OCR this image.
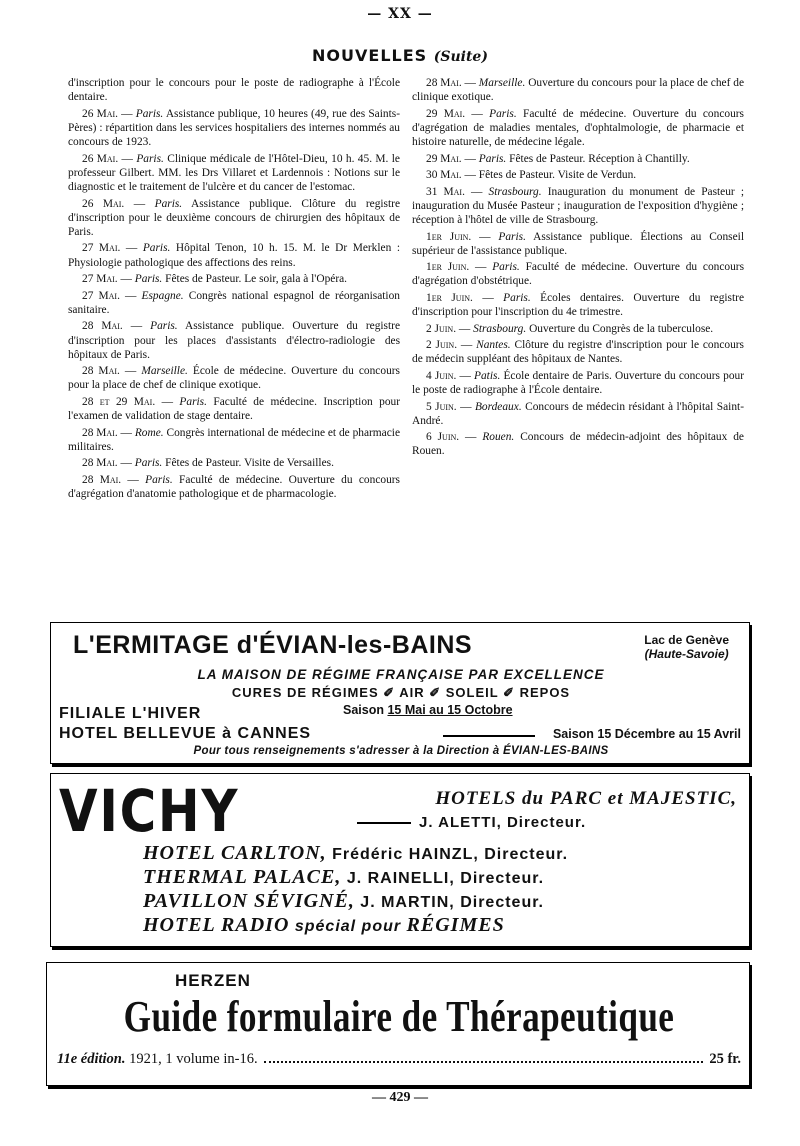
— XX —
NOUVELLES (Suite)

d'inscription pour le concours pour le poste de radiographe à l'École dentaire.

26 Mai. — Paris. Assistance publique, 10 heures (49, rue des Saints-Pères) : répartition dans les services hospitaliers des internes nommés au concours de 1923.

26 Mai. — Paris. Clinique médicale de l'Hôtel-Dieu, 10 h. 45. M. le professeur Gilbert. MM. les Drs Villaret et Lardennois : Notions sur le diagnostic et le traitement de l'ulcère et du cancer de l'estomac.

26 Mai. — Paris. Assistance publique. Clôture du registre d'inscription pour le deuxième concours de chirurgien des hôpitaux de Paris.

27 Mai. — Paris. Hôpital Tenon, 10 h. 15. M. le Dr Merklen : Physiologie pathologique des affections des reins.

27 Mai. — Paris. Fêtes de Pasteur. Le soir, gala à l'Opéra.

27 Mai. — Espagne. Congrès national espagnol de réorganisation sanitaire.

28 Mai. — Paris. Assistance publique. Ouverture du registre d'inscription pour les places d'assistants d'électro-radiologie des hôpitaux de Paris.

28 Mai. — Marseille. École de médecine. Ouverture du concours pour la place de chef de clinique exotique.

28 et 29 Mai. — Paris. Faculté de médecine. Inscription pour l'examen de validation de stage dentaire.

28 Mai. — Rome. Congrès international de médecine et de pharmacie militaires.

28 Mai. — Paris. Fêtes de Pasteur. Visite de Versailles.

28 Mai. — Paris. Faculté de médecine. Ouverture du concours d'agrégation d'anatomie pathologique et de pharmacologie.

28 Mai. — Marseille. Ouverture du concours pour la place de chef de clinique exotique.

29 Mai. — Paris. Faculté de médecine. Ouverture du concours d'agrégation de maladies mentales, d'ophtalmologie, de pharmacie et histoire naturelle, de médecine légale.

29 Mai. — Paris. Fêtes de Pasteur. Réception à Chantilly.

30 Mai. — Fêtes de Pasteur. Visite de Verdun.

31 Mai. — Strasbourg. Inauguration du monument de Pasteur ; inauguration du Musée Pasteur ; inauguration de l'exposition d'hygiène ; réception à l'hôtel de ville de Strasbourg.

1er Juin. — Paris. Assistance publique. Élections au Conseil supérieur de l'assistance publique.

1er Juin. — Paris. Faculté de médecine. Ouverture du concours d'agrégation d'obstétrique.

1er Juin. — Paris. Écoles dentaires. Ouverture du registre d'inscription pour l'inscription du 4e trimestre.

2 Juin. — Strasbourg. Ouverture du Congrès de la tuberculose.

2 Juin. — Nantes. Clôture du registre d'inscription pour le concours de médecin suppléant des hôpitaux de Nantes.

4 Juin. — Patis. École dentaire de Paris. Ouverture du concours pour le poste de radiographe à l'École dentaire.

5 Juin. — Bordeaux. Concours de médecin résidant à l'hôpital Saint-André.

6 Juin. — Rouen. Concours de médecin-adjoint des hôpitaux de Rouen.

L'ERMITAGE d'ÉVIAN-les-BAINS	Lac de Genève
(Haute-Savoie)
LA MAISON DE RÉGIME FRANÇAISE PAR EXCELLENCE
CURES DE RÉGIMES ✐ AIR ✐ SOLEIL ✐ REPOS
FILIALE L'HIVER	Saison 15 Mai au 15 Octobre
HOTEL BELLEVUE à CANNES	Saison 15 Décembre au 15 Avril
Pour tous renseignements s'adresser à la Direction à ÉVIAN-LES-BAINS
VICHY	HOTELS du PARC et MAJESTIC,
J. ALETTI, Directeur.
HOTEL CARLTON, Frédéric HAINZL, Directeur.
THERMAL PALACE, J. RAINELLI, Directeur.
PAVILLON SÉVIGNÉ, J. MARTIN, Directeur.
HOTEL RADIO spécial pour RÉGIMES
HERZEN
Guide formulaire de Thérapeutique
11e édition.
1921, 1 volume in-16.	25 fr.
— 429 —
